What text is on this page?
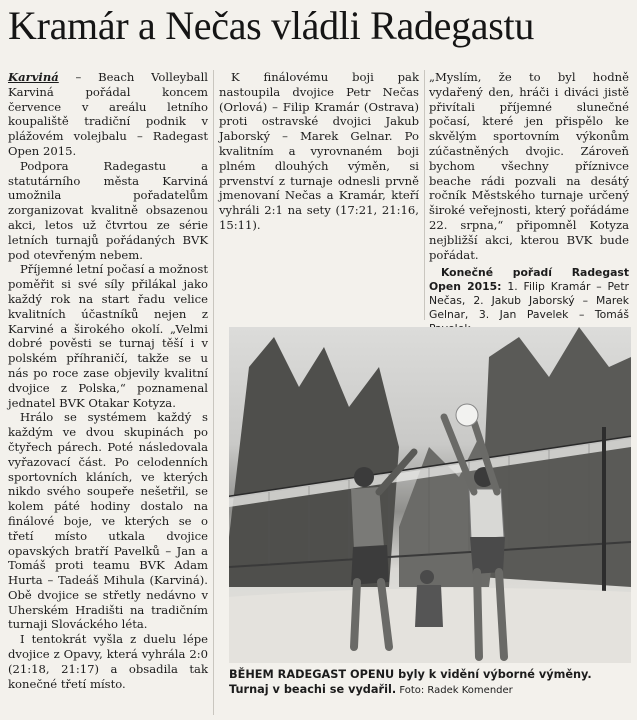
Kramár a Nečas vládli Radegastu

Karviná – Beach Volleyball Karviná pořádal koncem července v areálu letního koupaliště tradiční podnik v plážovém volejbalu – Radegast Open 2015.

Podpora Radegastu a statutárního města Karviná umožnila pořadatelům zorganizovat kvalitně obsazenou akci, letos už čtvrtou ze série letních turnajů pořádaných BVK pod otevřeným nebem.

Příjemné letní počasí a možnost poměřit si své síly přilákal jako každý rok na start řadu velice kvalitních účastníků nejen z Karviné a širokého okolí. „Velmi dobré pověsti se turnaj těší i v polském příhraničí, takže se u nás po roce zase objevily kvalitní dvojice z Polska,“ poznamenal jednatel BVK Otakar Kotyza.

Hrálo se systémem každý s každým ve dvou skupinách po čtyřech párech. Poté následovala vyřazovací část. Po celodenních sportovních kláních, ve kterých nikdo svého soupeře nešetřil, se kolem páté hodiny dostalo na finálové boje, ve kterých se o třetí místo utkala dvojice opavských bratří Pavelků – Jan a Tomáš proti teamu BVK Adam Hurta – Tadeáš Mihula (Karviná). Obě dvojice se střetly nedávno v Uherském Hradišti na tradičním turnaji Slováckého léta.

I tentokrát vyšla z duelu lépe dvojice z Opavy, která vyhrála 2:0 (21:18, 21:17) a obsadila tak konečné třetí místo.

K finálovému boji pak nastoupila dvojice Petr Nečas (Orlová) – Filip Kramár (Ostrava) proti ostravské dvojici Jakub Jaborský – Marek Gelnar. Po kvalitním a vyrovnaném boji plném dlouhých výměn, si prvenství z turnaje odnesli prvně jmenovaní Nečas a Kramár, kteří vyhráli 2:1 na sety (17:21, 21:16, 15:11).

„Myslím, že to byl hodně vydařený den, hráči i diváci jistě přivítali příjemné slunečné počasí, které jen přispělo ke skvělým sportovním výkonům zúčastněných dvojic. Zároveň bychom všechny příznivce beache rádi pozvali na desátý ročník Městského turnaje určený široké veřejnosti, který pořádáme 22. srpna,“ připomněl Kotyza nejbližší akci, kterou BVK bude pořádat.

Konečné pořadí Radegast Open 2015: 1. Filip Kramár – Petr Nečas, 2. Jakub Jaborský – Marek Gelnar, 3. Jan Pavelek – Tomáš

BĚHEM RADEGAST OPENU byly k vidění výborné výměny. Turnaj v beachi se vydařil. Foto: Radek Komender
